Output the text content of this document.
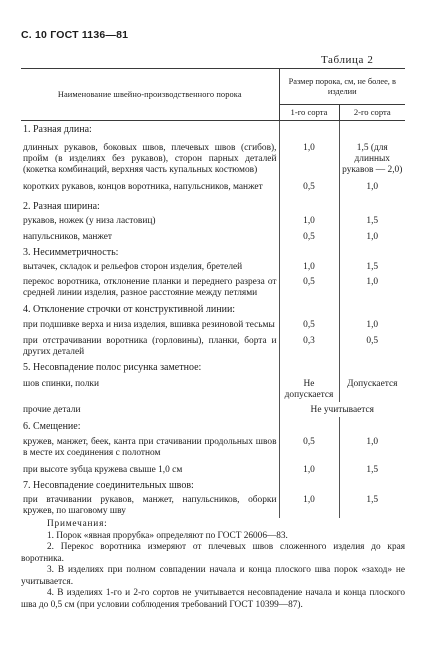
С. 10 ГОСТ 1136—81
Таблица 2
Наименование швейно-производственного порока	Размер порока, см, не более, в изделии	
	1-го сорта	2-го сорта
1. Разная длина:		
длинных рукавов, боковых швов, плечевых швов (сгибов), пройм (в изделиях без рукавов), сторон парных деталей (кокетка комбинаций, верхняя часть купальных костюмов)	1,0	1,5 (для длинных рукавов — 2,0)
коротких рукавов, концов воротника, напульсников, манжет	0,5	1,0
2. Разная ширина:		
рукавов, ножек (у низа ластовиц)	1,0	1,5
напульсников, манжет	0,5	1,0
3. Несимметричность:		
вытачек, складок и рельефов сторон изделия, бретелей	1,0	1,5
перекос воротника, отклонение планки и переднего разреза от средней линии изделия, разное расстояние между петлями	0,5	1,0
4. Отклонение строчки от конструктивной линии:		
при подшивке верха и низа изделия, вшивка резиновой тесьмы	0,5	1,0
при отстрачивании воротника (горловины), планки, борта и других деталей	0,3	0,5
5. Несовпадение полос рисунка заметное:		
шов спинки, полки	Не допускается	Допускается
прочие детали	Не учитывается	
6. Смещение:		
кружев, манжет, беек, канта при стачивании продольных швов в месте их соединения с полотном	0,5	1,0
при высоте зубца кружева свыше 1,0 см	1,0	1,5
7. Несовпадение соединительных швов:		
при втачивании рукавов, манжет, напульсников, оборки кружев, по шаговому шву	1,0	1,5
Примечания:

1. Порок «явная прорубка» определяют по ГОСТ 26006—83.

2. Перекос воротника измеряют от плечевых швов сложенного изделия до края воротника.

3. В изделиях при полном совпадении начала и конца плоского шва порок «заход» не учитывается.

4. В изделиях 1-го и 2-го сортов не учитывается несовпадение начала и конца плоского шва до 0,5 см (при условии соблюдения требований ГОСТ 10399—87).
